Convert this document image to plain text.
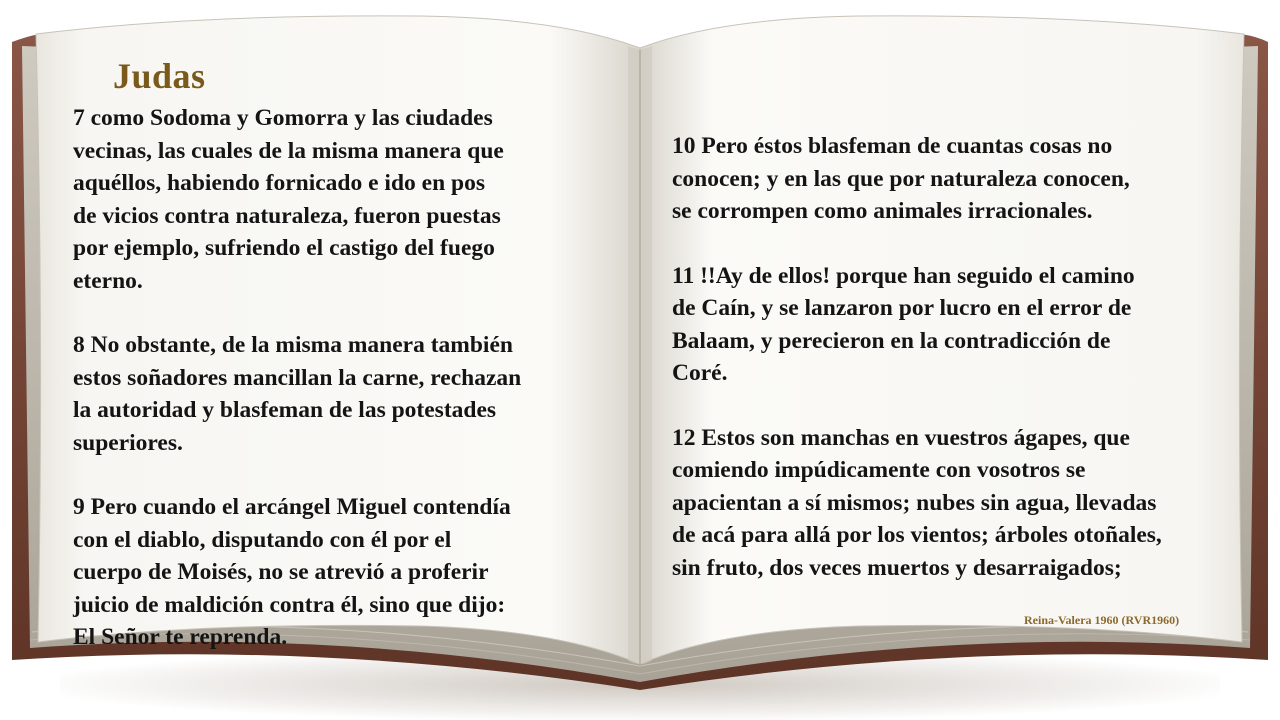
Judas

7 como Sodoma y Gomorra y las ciudades
vecinas, las cuales de la misma manera que
aquéllos, habiendo fornicado e ido en pos
de vicios contra naturaleza, fueron puestas
por ejemplo, sufriendo el castigo del fuego
eterno.

8 No obstante, de la misma manera también
estos soñadores mancillan la carne, rechazan
la autoridad y blasfeman de las potestades
superiores.

9 Pero cuando el arcángel Miguel contendía
con el diablo, disputando con él por el
cuerpo de Moisés, no se atrevió a proferir
juicio de maldición contra él, sino que dijo:
El Señor te reprenda.

10 Pero éstos blasfeman de cuantas cosas no
conocen; y en las que por naturaleza conocen,
se corrompen como animales irracionales.

11 !!Ay de ellos! porque han seguido el camino
de Caín, y se lanzaron por lucro en el error de
Balaam, y perecieron en la contradicción de
Coré.

12 Estos son manchas en vuestros ágapes, que
comiendo impúdicamente con vosotros se
apacientan a sí mismos; nubes sin agua, llevadas
de acá para allá por los vientos; árboles otoñales,
sin fruto, dos veces muertos y desarraigados;

Reina-Valera 1960 (RVR1960)
